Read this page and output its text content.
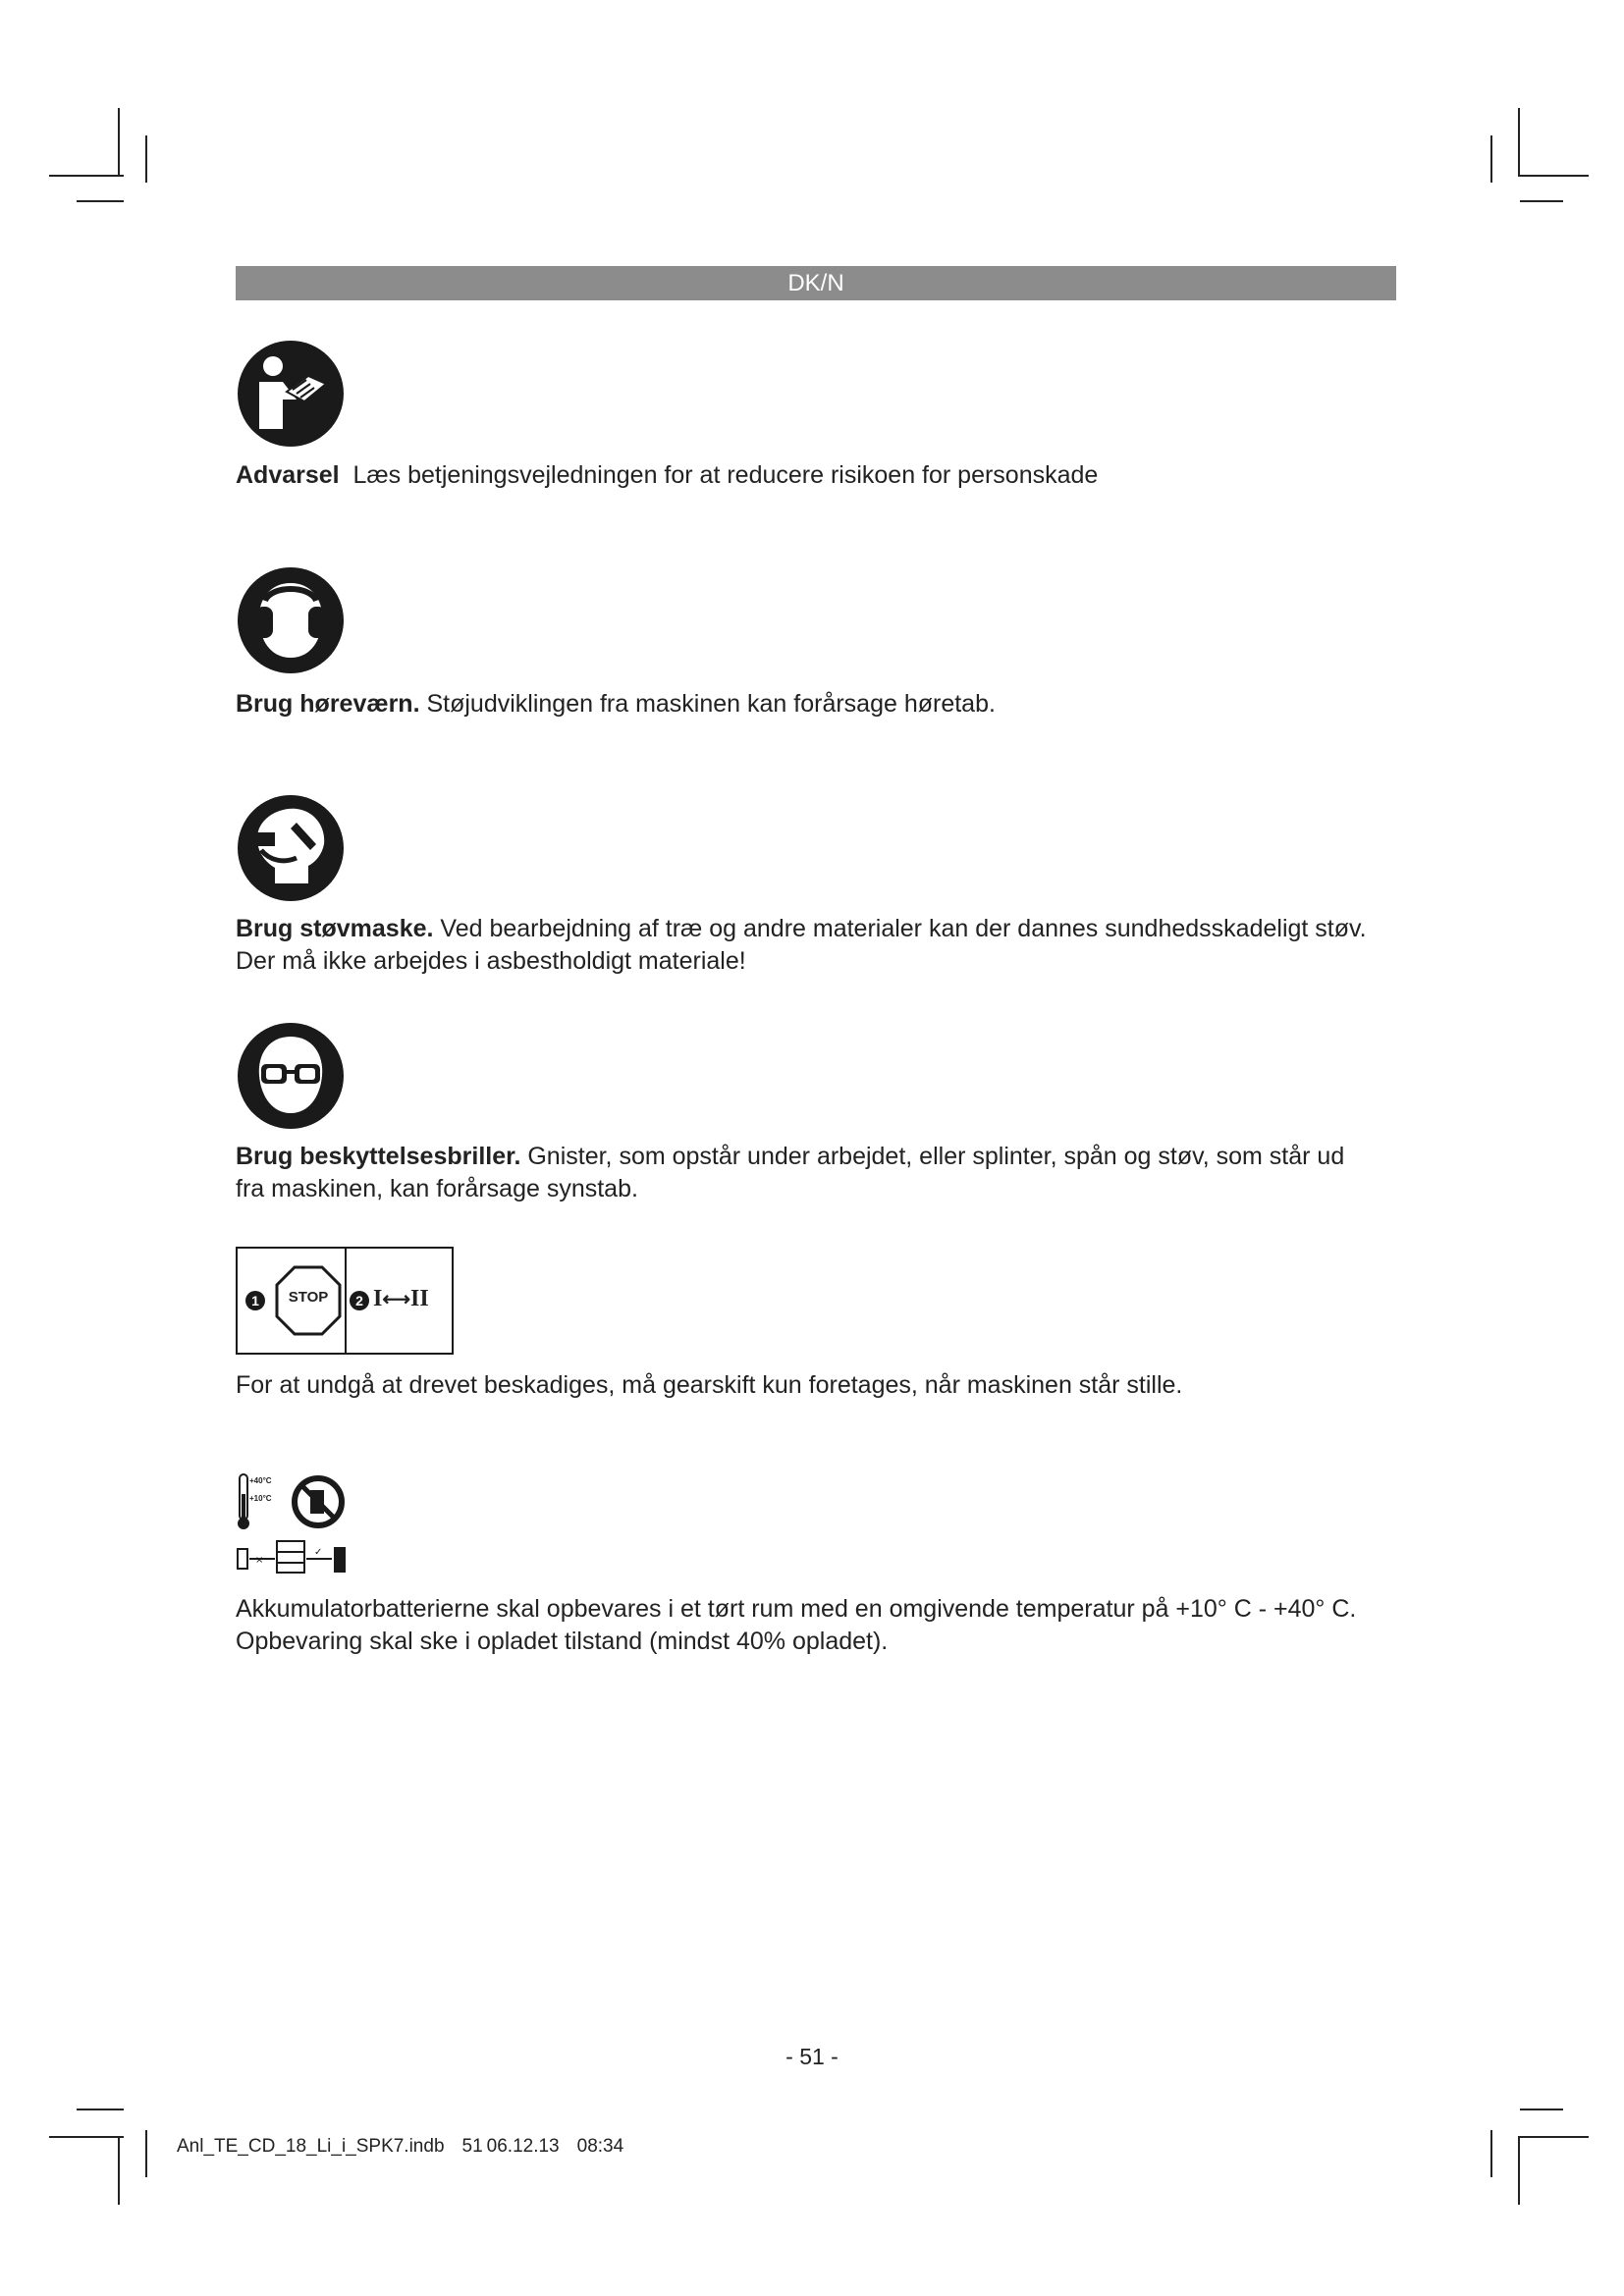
DK/N
Advarsel Læs betjeningsvejledningen for at reducere risikoen for personskade
Brug høreværn. Støjudviklingen fra maskinen kan forårsage høretab.
Brug støvmaske. Ved bearbejdning af træ og andre materialer kan der dannes sundhedsskadeligt støv.
Der må ikke arbejdes i asbestholdigt materiale!
Brug beskyttelsesbriller. Gnister, som opstår under arbejdet, eller splinter, spån og støv, som står ud
fra maskinen, kan forårsage synstab.
1	STOP	2 I⟷II
For at undgå at drevet beskadiges, må gearskift kun foretages, når maskinen står stille.
+40°C
+10°C
×
✓
Akkumulatorbatterierne skal opbevares i et tørt rum med en omgivende temperatur på +10° C - +40° C.
Opbevaring skal ske i opladet tilstand (mindst 40% opladet).
- 51 -
Anl_TE_CD_18_Li_i_SPK7.indb 51 06.12.13 08:34
